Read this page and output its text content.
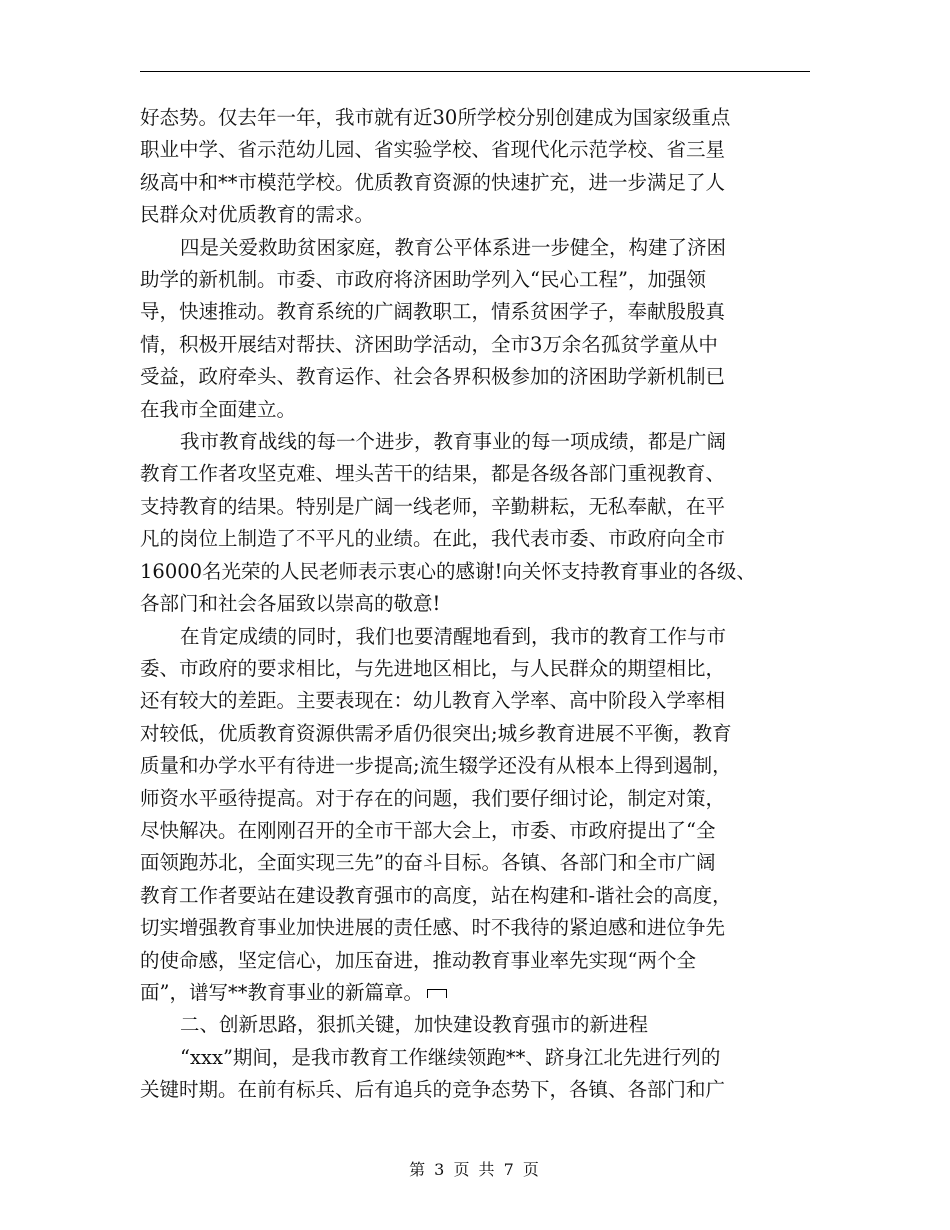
好态势。仅去年一年，我市就有近30所学校分别创建成为国家级重点
职业中学、省示范幼儿园、省实验学校、省现代化示范学校、省三星
级高中和**市模范学校。优质教育资源的快速扩充，进一步满足了人
民群众对优质教育的需求。

四是关爱救助贫困家庭，教育公平体系进一步健全，构建了济困
助学的新机制。市委、市政府将济困助学列入“民心工程”，加强领
导，快速推动。教育系统的广阔教职工，情系贫困学子，奉献殷殷真
情，积极开展结对帮扶、济困助学活动，全市3万余名孤贫学童从中
受益，政府牵头、教育运作、社会各界积极参加的济困助学新机制已
在我市全面建立。

我市教育战线的每一个进步，教育事业的每一项成绩，都是广阔
教育工作者攻坚克难、埋头苦干的结果，都是各级各部门重视教育、
支持教育的结果。特别是广阔一线老师，辛勤耕耘，无私奉献，在平
凡的岗位上制造了不平凡的业绩。在此，我代表市委、市政府向全市
16000名光荣的人民老师表示衷心的感谢!向关怀支持教育事业的各级、
各部门和社会各届致以崇高的敬意!

在肯定成绩的同时，我们也要清醒地看到，我市的教育工作与市
委、市政府的要求相比，与先进地区相比，与人民群众的期望相比，
还有较大的差距。主要表现在：幼儿教育入学率、高中阶段入学率相
对较低，优质教育资源供需矛盾仍很突出;城乡教育进展不平衡，教育
质量和办学水平有待进一步提高;流生辍学还没有从根本上得到遏制，
师资水平亟待提高。对于存在的问题，我们要仔细讨论，制定对策，
尽快解决。在刚刚召开的全市干部大会上，市委、市政府提出了“全
面领跑苏北，全面实现三先”的奋斗目标。各镇、各部门和全市广阔
教育工作者要站在建设教育强市的高度，站在构建和-谐社会的高度，
切实增强教育事业加快进展的责任感、时不我待的紧迫感和进位争先
的使命感，坚定信心，加压奋进，推动教育事业率先实现“两个全
面”，谱写**教育事业的新篇章。

二、创新思路，狠抓关键，加快建设教育强市的新进程

“xxx”期间，是我市教育工作继续领跑**、跻身江北先进行列的
关键时期。在前有标兵、后有追兵的竞争态势下，各镇、各部门和广

第 3 页 共 7 页
